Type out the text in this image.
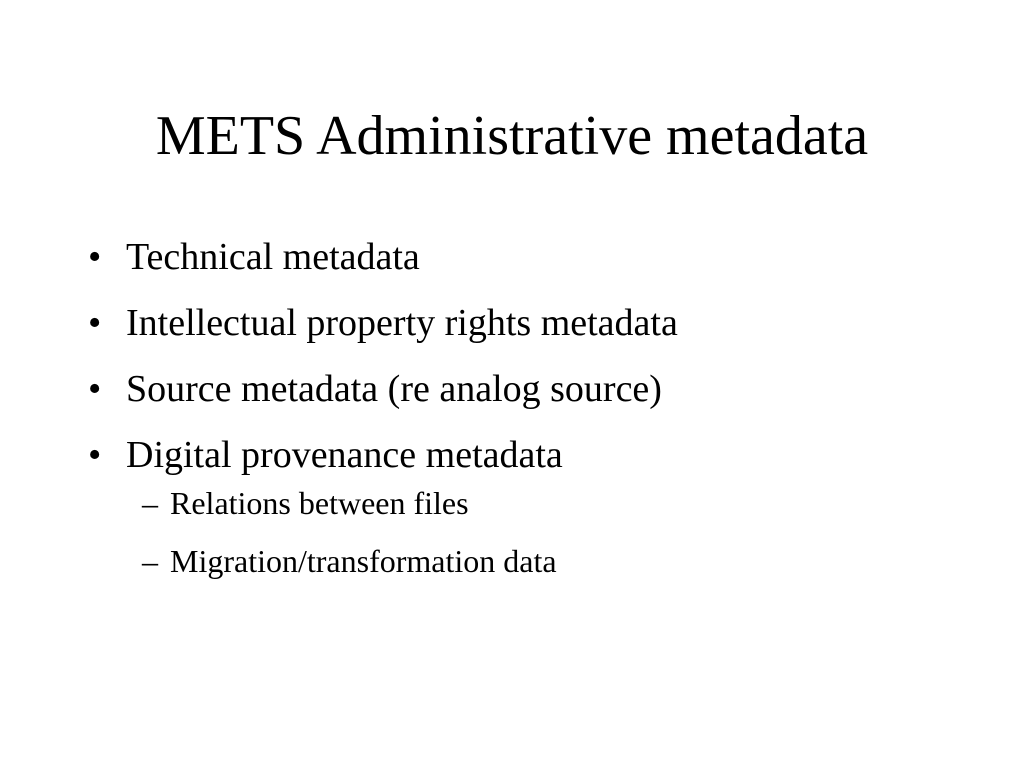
METS Administrative metadata
• Technical metadata
• Intellectual property rights metadata
• Source metadata (re analog source)
• Digital provenance metadata
– Relations between files
– Migration/transformation data
